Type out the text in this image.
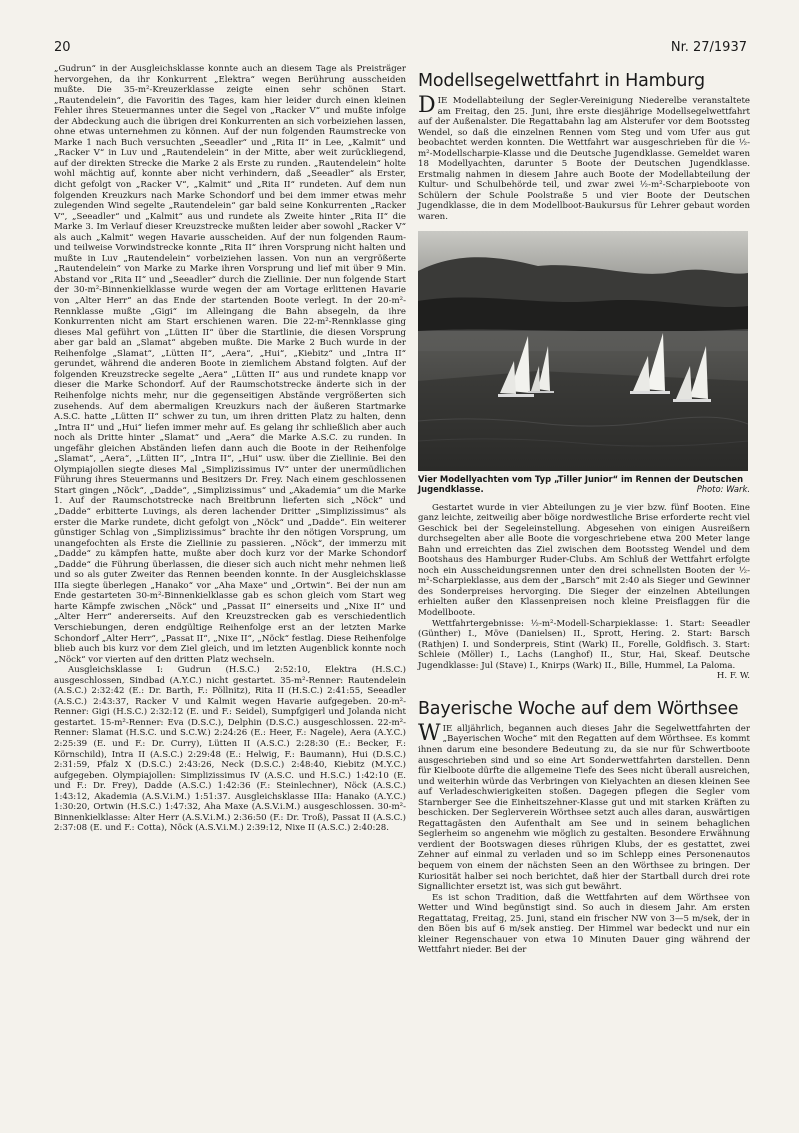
20	Nr. 27/1937

„Gudrun“ in der Ausgleichsklasse konnte auch an diesem Tage als Preisträger hervorgehen, da ihr Konkurrent „Elektra“ wegen Berührung ausscheiden mußte. Die 35-m²-Kreuzerklasse zeigte einen sehr schönen Start. „Rautendelein“, die Favoritin des Tages, kam hier leider durch einen kleinen Fehler ihres Steuermannes unter die Segel von „Racker V“ und mußte infolge der Abdeckung auch die übrigen drei Konkurrenten an sich vorbeiziehen lassen, ohne etwas unternehmen zu können. Auf der nun folgenden Raumstrecke von Marke 1 nach Buch versuchten „Seeadler“ und „Rita II“ in Lee, „Kalmit“ und „Racker V“ in Luv und „Rautendelein“ in der Mitte, aber weit zurückliegend, auf der direkten Strecke die Marke 2 als Erste zu runden. „Rautendelein“ holte wohl mächtig auf, konnte aber nicht verhindern, daß „Seeadler“ als Erster, dicht gefolgt von „Racker V“, „Kalmit“ und „Rita II“ rundeten. Auf dem nun folgenden Kreuzkurs nach Marke Schondorf und bei dem immer etwas mehr zulegenden Wind segelte „Rautendelein“ gar bald seine Konkurrenten „Racker V“, „Seeadler“ und „Kalmit“ aus und rundete als Zweite hinter „Rita II“ die Marke 3. Im Verlauf dieser Kreuzstrecke mußten leider aber sowohl „Racker V“ als auch „Kalmit“ wegen Havarie ausscheiden. Auf der nun folgenden Raum- und teilweise Vorwindstrecke konnte „Rita II“ ihren Vorsprung nicht halten und mußte in Luv „Rautendelein“ vorbeiziehen lassen. Von nun an vergrößerte „Rautendelein“ von Marke zu Marke ihren Vorsprung und lief mit über 9 Min. Abstand vor „Rita II“ und „Seeadler“ durch die Ziellinie. Der nun folgende Start der 30-m²-Binnenkielklasse wurde wegen der am Vortage erlittenen Havarie von „Alter Herr“ an das Ende der startenden Boote verlegt. In der 20-m²-Rennklasse mußte „Gigi“ im Alleingang die Bahn absegeln, da ihre Konkurrenten nicht am Start erschienen waren. Die 22-m²-Rennklasse ging dieses Mal geführt von „Lütten II“ über die Startlinie, die diesen Vorsprung aber gar bald an „Slamat“ abgeben mußte. Die Marke 2 Buch wurde in der Reihenfolge „Slamat“, „Lütten II“, „Aera“, „Hui“, „Kiebitz“ und „Intra II“ gerundet, während die anderen Boote in ziemlichem Abstand folgten. Auf der folgenden Kreuzstrecke segelte „Aera“ „Lütten II“ aus und rundete knapp vor dieser die Marke Schondorf. Auf der Raumschotstrecke änderte sich in der Reihenfolge nichts mehr, nur die gegenseitigen Abstände vergrößerten sich zusehends. Auf dem abermaligen Kreuzkurs nach der äußeren Startmarke A.S.C. hatte „Lütten II“ schwer zu tun, um ihren dritten Platz zu halten, denn „Intra II“ und „Hui“ liefen immer mehr auf. Es gelang ihr schließlich aber auch noch als Dritte hinter „Slamat“ und „Aera“ die Marke A.S.C. zu runden. In ungefähr gleichen Abständen liefen dann auch die Boote in der Reihenfolge „Slamat“, „Aera“, „Lütten II“, „Intra II“, „Hui“ usw. über die Ziellinie. Bei den Olympiajollen siegte dieses Mal „Simplizissimus IV“ unter der unermüdlichen Führung ihres Steuermanns und Besitzers Dr. Frey. Nach einem geschlossenen Start gingen „Nöck“, „Dadde“, „Simplizissimus“ und „Akademia“ um die Marke 1. Auf der Raumschotstrecke nach Breitbrunn lieferten sich „Nöck“ und „Dadde“ erbitterte Luvings, als deren lachender Dritter „Simplizissimus“ als erster die Marke rundete, dicht gefolgt von „Nöck“ und „Dadde“. Ein weiterer günstiger Schlag von „Simplizissimus“ brachte ihr den nötigen Vorsprung, um unangefochten als Erste die Ziellinie zu passieren. „Nöck“, der immerzu mit „Dadde“ zu kämpfen hatte, mußte aber doch kurz vor der Marke Schondorf „Dadde“ die Führung überlassen, die dieser sich auch nicht mehr nehmen ließ und so als guter Zweiter das Rennen beenden konnte. In der Ausgleichsklasse IIIa siegte überlegen „Hanako“ vor „Aha Maxe“ und „Ortwin“. Bei der nun am Ende gestarteten 30-m²-Binnenkielklasse gab es schon gleich vom Start weg harte Kämpfe zwischen „Nöck“ und „Passat II“ einerseits und „Nixe II“ und „Alter Herr“ andererseits. Auf den Kreuzstrecken gab es verschiedentlich Verschiebungen, deren endgültige Reihenfolge erst an der letzten Marke Schondorf „Alter Herr“, „Passat II“, „Nixe II“, „Nöck“ festlag. Diese Reihenfolge blieb auch bis kurz vor dem Ziel gleich, und im letzten Augenblick konnte noch „Nöck“ vor vierten auf den dritten Platz wechseln.

Ausgleichsklasse I: Gudrun (H.S.C.) 2:52:10, Elektra (H.S.C.) ausgeschlossen, Sindbad (A.Y.C.) nicht gestartet. 35-m²-Renner: Rautendelein (A.S.C.) 2:32:42 (E.: Dr. Barth, F.: Pöllnitz), Rita II (H.S.C.) 2:41:55, Seeadler (A.S.C.) 2:43:37, Racker V und Kalmit wegen Havarie aufgegeben. 20-m²-Renner: Gigi (H.S.C.) 2:32:12 (E. und F.: Seidel), Sumpfgigerl und Jolanda nicht gestartet. 15-m²-Renner: Eva (D.S.C.), Delphin (D.S.C.) ausgeschlossen. 22-m²-Renner: Slamat (H.S.C. und S.C.W.) 2:24:26 (E.: Heer, F.: Nagele), Aera (A.Y.C.) 2:25:39 (E. und F.: Dr. Curry), Lütten II (A.S.C.) 2:28:30 (E.: Becker, F.: Körnschild), Intra II (A.S.C.) 2:29:48 (E.: Helwig, F.: Baumann), Hui (D.S.C.) 2:31:59, Pfalz X (D.S.C.) 2:43:26, Neck (D.S.C.) 2:48:40, Kiebitz (M.Y.C.) aufgegeben. Olympiajollen: Simplizissimus IV (A.S.C. und H.S.C.) 1:42:10 (E. und F.: Dr. Frey), Dadde (A.S.C.) 1:42:36 (F.: Steinlechner), Nöck (A.S.C.) 1:43:12, Akademia (A.S.V.i.M.) 1:51:37. Ausgleichsklasse IIIa: Hanako (A.Y.C.) 1:30:20, Ortwin (H.S.C.) 1:47:32, Aha Maxe (A.S.V.i.M.) ausgeschlossen. 30-m²-Binnenkielklasse: Alter Herr (A.S.V.i.M.) 2:36:50 (F.: Dr. Troß), Passat II (A.S.C.) 2:37:08 (E. und F.: Cotta), Nöck (A.S.V.i.M.) 2:39:12, Nixe II (A.S.C.) 2:40:28.

Modellsegelwettfahrt in Hamburg

DIE Modellabteilung der Segler-Vereinigung Niederelbe veranstaltete am Freitag, den 25. Juni, ihre erste diesjährige Modellsegelwettfahrt auf der Außenalster. Die Regattabahn lag am Alsterufer vor dem Bootssteg Wendel, so daß die einzelnen Rennen vom Steg und vom Ufer aus gut beobachtet werden konnten. Die Wettfahrt war ausgeschrieben für die ½-m²-Modellscharpie-Klasse und die Deutsche Jugendklasse. Gemeldet waren 18 Modellyachten, darunter 5 Boote der Deutschen Jugendklasse. Erstmalig nahmen in diesem Jahre auch Boote der Modellabteilung der Kultur- und Schulbehörde teil, und zwar zwei ½-m²-Scharpieboote von Schülern der Schule Poolstraße 5 und vier Boote der Deutschen Jugendklasse, die in dem Modellboot-Baukursus für Lehrer gebaut worden waren.

Vier Modellyachten vom Typ „Tiller Junior“ im Rennen der Deutschen Jugendklasse.	Photo: Wark.

Gestartet wurde in vier Abteilungen zu je vier bzw. fünf Booten. Eine ganz leichte, zeitweilig aber böige nordwestliche Brise erforderte recht viel Geschick bei der Segeleinstellung. Abgesehen von einigen Ausreißern durchsegelten aber alle Boote die vorgeschriebene etwa 200 Meter lange Bahn und erreichten das Ziel zwischen dem Bootssteg Wendel und dem Bootshaus des Hamburger Ruder-Clubs. Am Schluß der Wettfahrt erfolgte noch ein Ausscheidungsrennen unter den drei schnellsten Booten der ½-m²-Scharpieklasse, aus dem der „Barsch“ mit 2:40 als Sieger und Gewinner des Sonderpreises hervorging. Die Sieger der einzelnen Abteilungen erhielten außer den Klassenpreisen noch kleine Preisflaggen für die Modellboote.

Wettfahrtergebnisse: ½-m²-Modell-Scharpieklasse: 1. Start: Seeadler (Günther) I., Möve (Danielsen) II., Sprott, Hering. 2. Start: Barsch (Rathjen) I. und Sonderpreis, Stint (Wark) II., Forelle, Goldfisch. 3. Start: Schleie (Möller) I., Lachs (Langhof) II., Stur, Hai, Skeaf. Deutsche Jugendklasse: Jul (Stave) I., Knirps (Wark) II., Bille, Hummel, La Paloma.

H. F. W.
Bayerische Woche auf dem Wörthsee

WIE alljährlich, begannen auch dieses Jahr die Segelwettfahrten der „Bayerischen Woche“ mit den Regatten auf dem Wörthsee. Es kommt ihnen darum eine besondere Bedeutung zu, da sie nur für Schwertboote ausgeschrieben sind und so eine Art Sonderwettfahrten darstellen. Denn für Kielboote dürfte die allgemeine Tiefe des Sees nicht überall ausreichen, und weiterhin würde das Verbringen von Kielyachten an diesen kleinen See auf Verladeschwierigkeiten stoßen. Dagegen pflegen die Segler vom Starnberger See die Einheitszehner-Klasse gut und mit starken Kräften zu beschicken. Der Seglerverein Wörthsee setzt auch alles daran, auswärtigen Regattagästen den Aufenthalt am See und in seinem behaglichen Seglerheim so angenehm wie möglich zu gestalten. Besondere Erwähnung verdient der Bootswagen dieses rührigen Klubs, der es gestattet, zwei Zehner auf einmal zu verladen und so im Schlepp eines Personenautos bequem von einem der nächsten Seen an den Wörthsee zu bringen. Der Kuriosität halber sei noch berichtet, daß hier der Startball durch drei rote Signallichter ersetzt ist, was sich gut bewährt.

Es ist schon Tradition, daß die Wettfahrten auf dem Wörthsee von Wetter und Wind begünstigt sind. So auch in diesem Jahr. Am ersten Regattatag, Freitag, 25. Juni, stand ein frischer NW von 3—5 m/sek, der in den Böen bis auf 6 m/sek anstieg. Der Himmel war bedeckt und nur ein kleiner Regenschauer von etwa 10 Minuten Dauer ging während der Wettfahrt nieder. Bei der
